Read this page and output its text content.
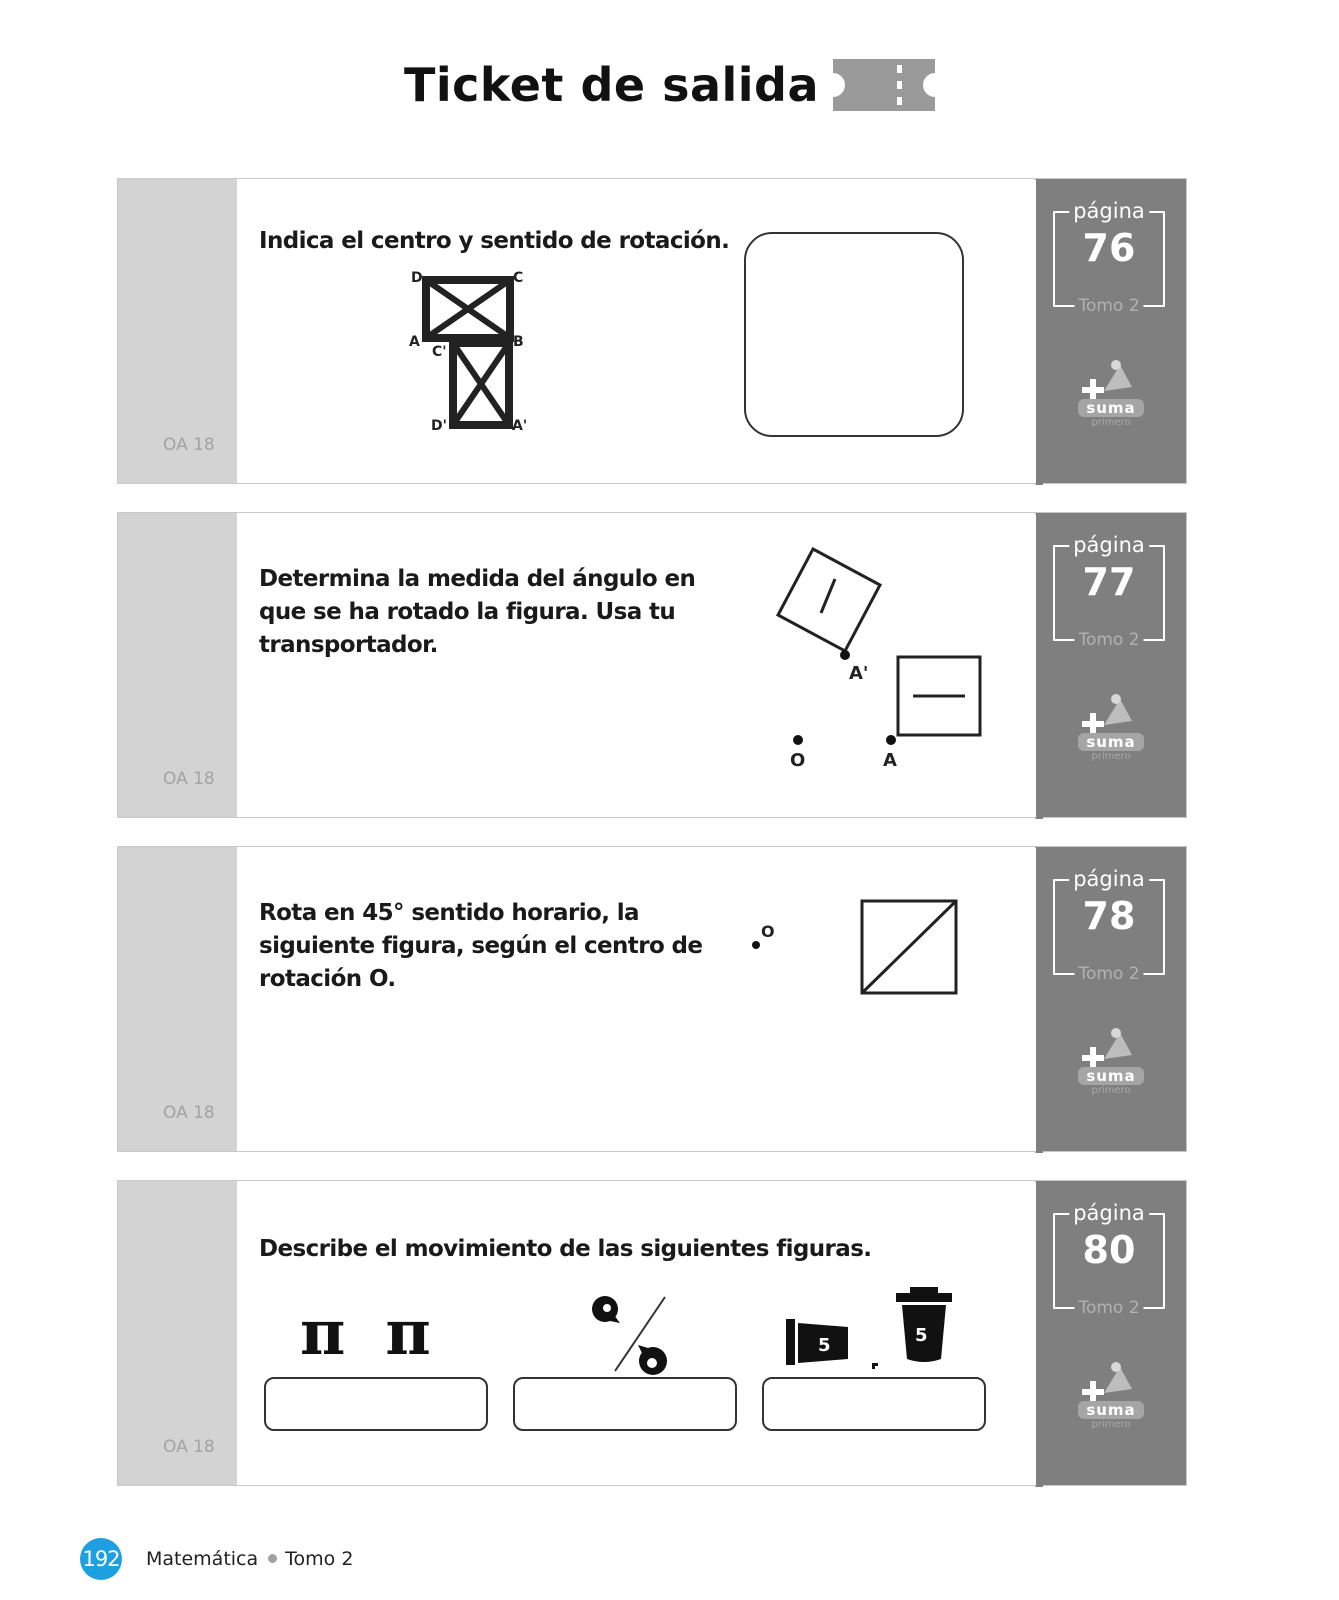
Ticket de salida
OA 18
Indica el centro y sentido de rotación.
D	C
A	B
C'
D'	A'
página
76
Tomo 2
suma
primero
OA 18
Determina la medida del ángulo en que se ha rotado la figura. Usa tu transportador.
A'
O	A
página
77
Tomo 2
suma
primero
OA 18
Rota en 45° sentido horario, la siguiente figura, según el centro de rotación O.
O
página
78
Tomo 2
suma
primero
OA 18
Describe el movimiento de las siguientes figuras.
π π	5
5
página
80
Tomo 2
suma
primero
192 Matemática Tomo 2
